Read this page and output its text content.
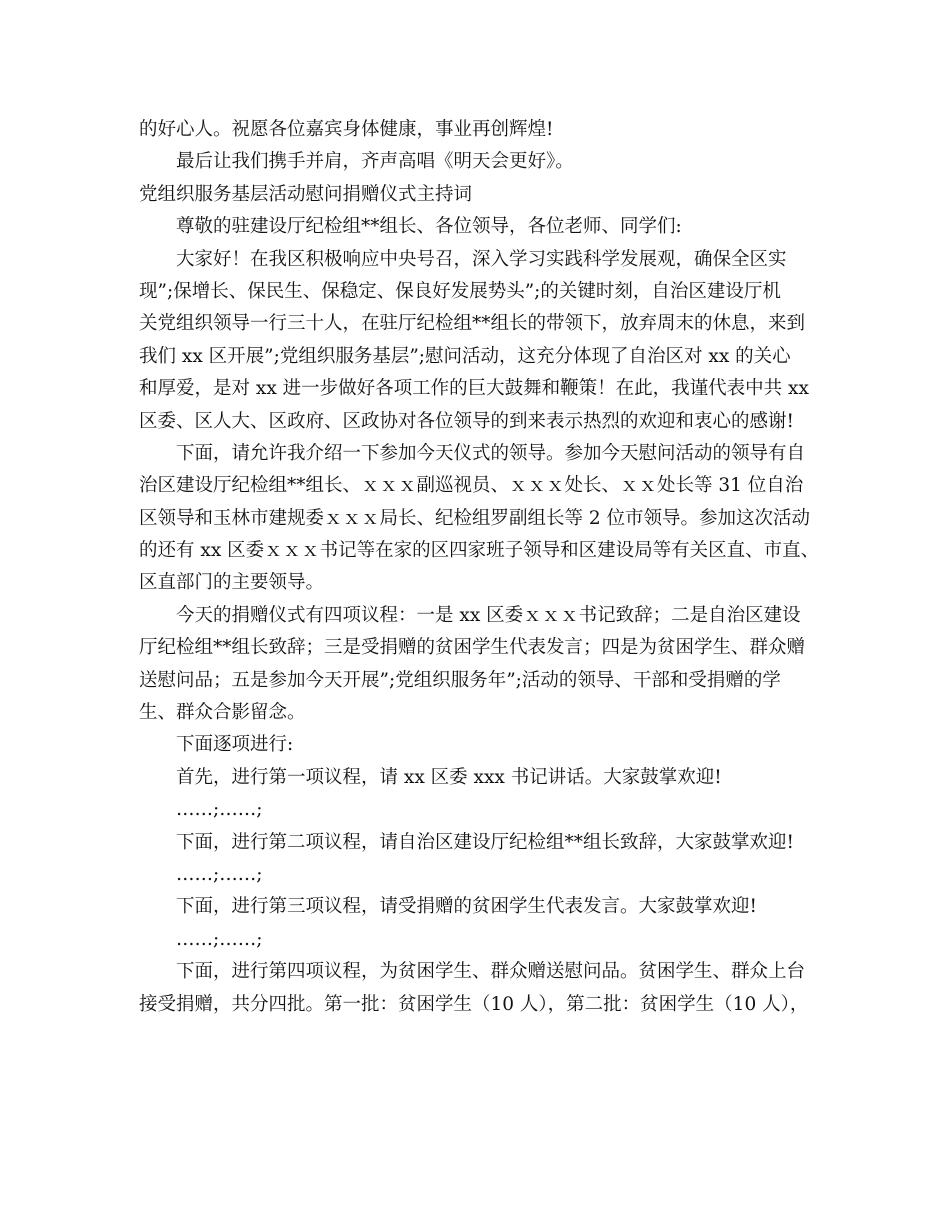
的好心人。祝愿各位嘉宾身体健康，事业再创辉煌!

最后让我们携手并肩，齐声高唱《明天会更好》。

党组织服务基层活动慰问捐赠仪式主持词

尊敬的驻建设厅纪检组**组长、各位领导，各位老师、同学们:

大家好！在我区积极响应中央号召，深入学习实践科学发展观，确保全区实

现”;保增长、保民生、保稳定、保良好发展势头”;的关键时刻，自治区建设厅机

关党组织领导一行三十人，在驻厅纪检组**组长的带领下，放弃周末的休息，来到

我们 xx 区开展”;党组织服务基层”;慰问活动，这充分体现了自治区对 xx 的关心

和厚爱，是对 xx 进一步做好各项工作的巨大鼓舞和鞭策！在此，我谨代表中共 xx

区委、区人大、区政府、区政协对各位领导的到来表示热烈的欢迎和衷心的感谢!

下面，请允许我介绍一下参加今天仪式的领导。参加今天慰问活动的领导有自

治区建设厅纪检组**组长、ｘｘｘ副巡视员、ｘｘｘ处长、ｘｘ处长等 31 位自治

区领导和玉林市建规委ｘｘｘ局长、纪检组罗副组长等 2 位市领导。参加这次活动

的还有 xx 区委ｘｘｘ书记等在家的区四家班子领导和区建设局等有关区直、市直、

区直部门的主要领导。

今天的捐赠仪式有四项议程：一是 xx 区委ｘｘｘ书记致辞；二是自治区建设

厅纪检组**组长致辞；三是受捐赠的贫困学生代表发言；四是为贫困学生、群众赠

送慰问品；五是参加今天开展”;党组织服务年”;活动的领导、干部和受捐赠的学

生、群众合影留念。

下面逐项进行:

首先，进行第一项议程，请 xx 区委 xxx 书记讲话。大家鼓掌欢迎!

……;……;

下面，进行第二项议程，请自治区建设厅纪检组**组长致辞，大家鼓掌欢迎!

……;……;

下面，进行第三项议程，请受捐赠的贫困学生代表发言。大家鼓掌欢迎!

……;……;

下面，进行第四项议程，为贫困学生、群众赠送慰问品。贫困学生、群众上台

接受捐赠，共分四批。第一批：贫困学生（10 人），第二批：贫困学生（10 人），
